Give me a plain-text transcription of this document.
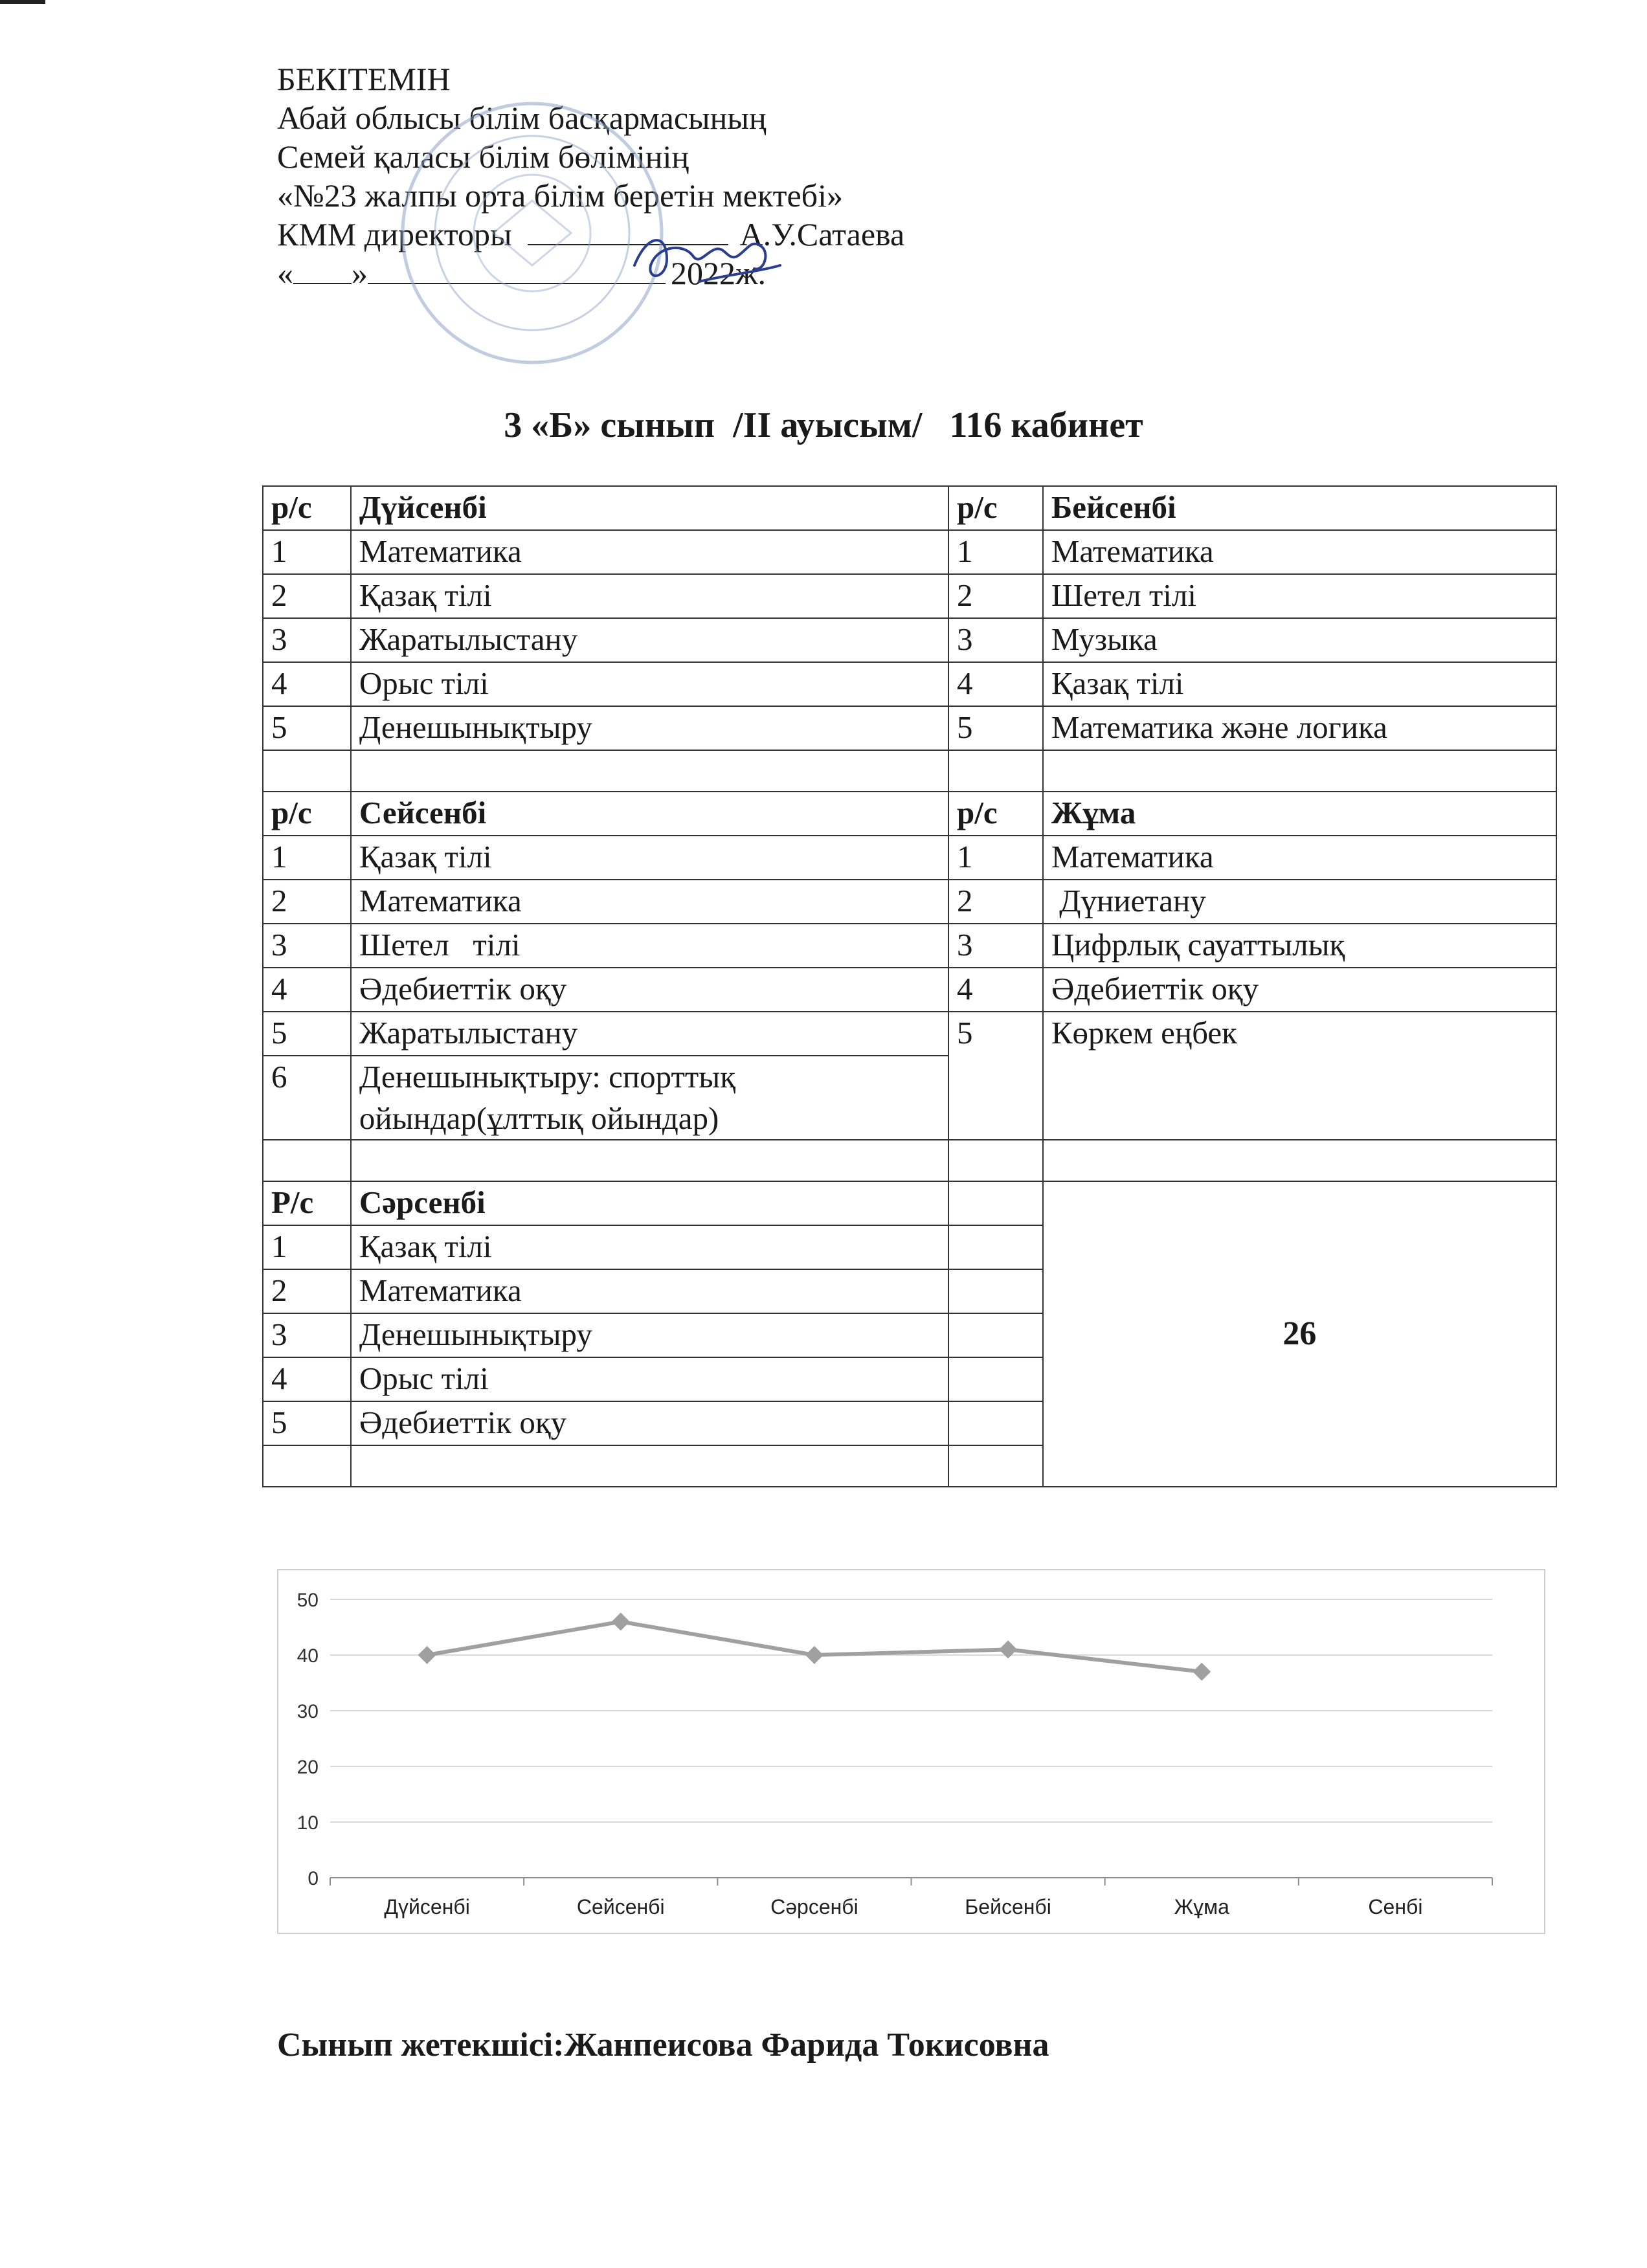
БЕКІТЕМІН
Абай облысы білім басқармасының
Семей қаласы білім бөлімінің
«№23 жалпы орта білім беретін мектебі»
КММ директоры	А.У.Сатаева
« »	2022ж.
3 «Б» сынып  /II ауысым/   116 кабинет
р/с	Дүйсенбі	р/с	Бейсенбі
1	Математика	1	Математика
2	Қазақ тілі	2	Шетел тілі
3	Жаратылыстану	3	Музыка
4	Орыс тілі	4	Қазақ тілі
5	Денешынықтыру	5	Математика және логика

р/с	Сейсенбі	р/с	Жұма
1	Қазақ тілі	1	Математика
2	Математика	2	Дүниетану
3	Шетел   тілі	3	Цифрлық сауаттылық
4	Әдебиеттік оқу	4	Әдебиеттік оқу
5	Жаратылыстану	5	Көркем еңбек
6	Денешынықтыру: спорттық
ойындар(ұлттық ойындар)		

Р/с	Сәрсенбі		26
1	Қазақ тілі		
2	Математика		
3	Денешынықтыру		
4	Орыс тілі		
5	Әдебиеттік оқу		

0
10
20
30
40
50
Дүйсенбі	Сейсенбі	Сәрсенбі	Бейсенбі	Жұма	Сенбі
Сынып жетекшісі:Жанпеисова Фарида Токисовна
